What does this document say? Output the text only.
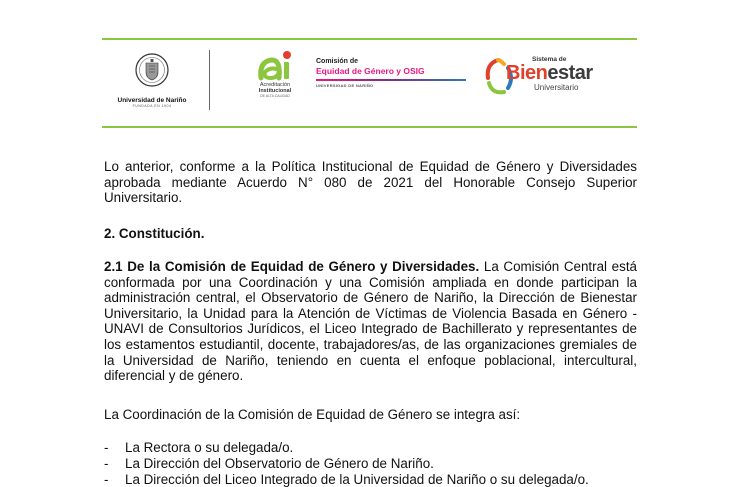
Universidad de Nariño
FUNDADA EN 1904
Acreditación
Institucional
DE ALTA CALIDAD
Comisión de
Equidad de Género y OSIG
UNIVERSIDAD DE NARIÑO
Sistema de
Bienestar
Universitario

Lo anterior, conforme a la Política Institucional de Equidad de Género y Diversidades aprobada mediante Acuerdo N° 080 de 2021 del Honorable Consejo Superior Universitario.

2. Constitución.

2.1 De la Comisión de Equidad de Género y Diversidades. La Comisión Central está conformada por una Coordinación y una Comisión ampliada en donde participan la administración central, el Observatorio de Género de Nariño, la Dirección de Bienestar Universitario, la Unidad para la Atención de Víctimas de Violencia Basada en Género - UNAVI de Consultorios Jurídicos, el Liceo Integrado de Bachillerato y representantes de los estamentos estudiantil, docente, trabajadores/as, de las organizaciones gremiales de la Universidad de Nariño, teniendo en cuenta el enfoque poblacional, intercultural, diferencial y de género.

La Coordinación de la Comisión de Equidad de Género se integra así:

- La Rectora o su delegada/o.
- La Dirección del Observatorio de Género de Nariño.
- La Dirección del Liceo Integrado de la Universidad de Nariño o su delegada/o.
